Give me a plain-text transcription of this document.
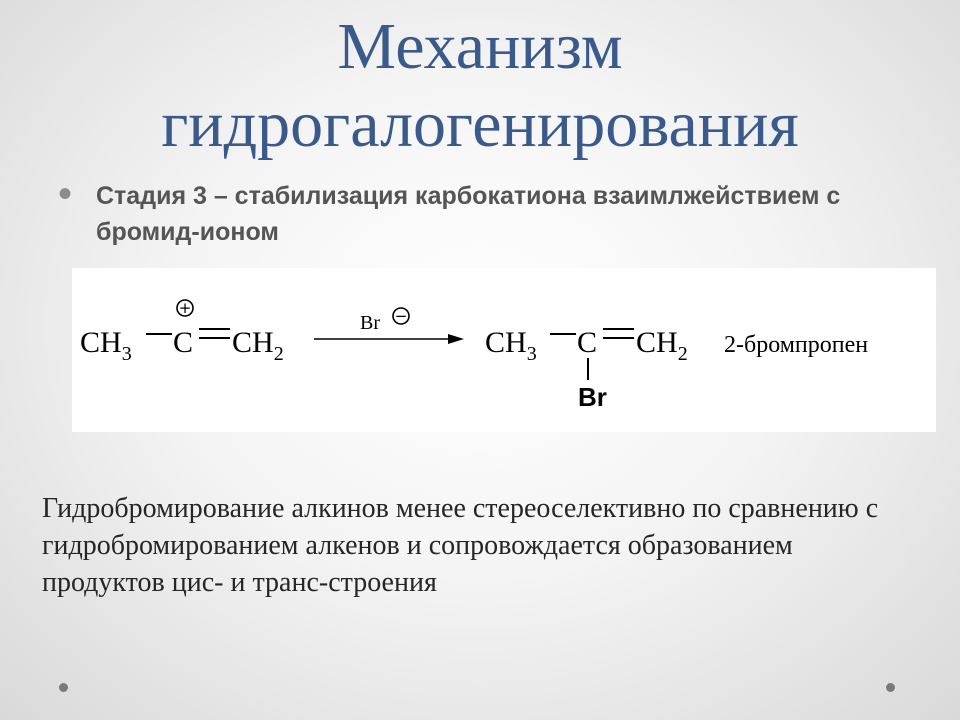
Механизм
гидрогалогенирования
• Стадия 3 – стабилизация карбокатиона взаимлжействием с бромид-ионом
$CH_3$ C
+
$CH_2$
Br −
$CH_3$ C $CH_2$
Br
2-бромпропен
Гидробромирование алкинов менее стереоселективно по сравнению с гидробромированием алкенов и сопровождается образованием продуктов цис- и транс-строения
